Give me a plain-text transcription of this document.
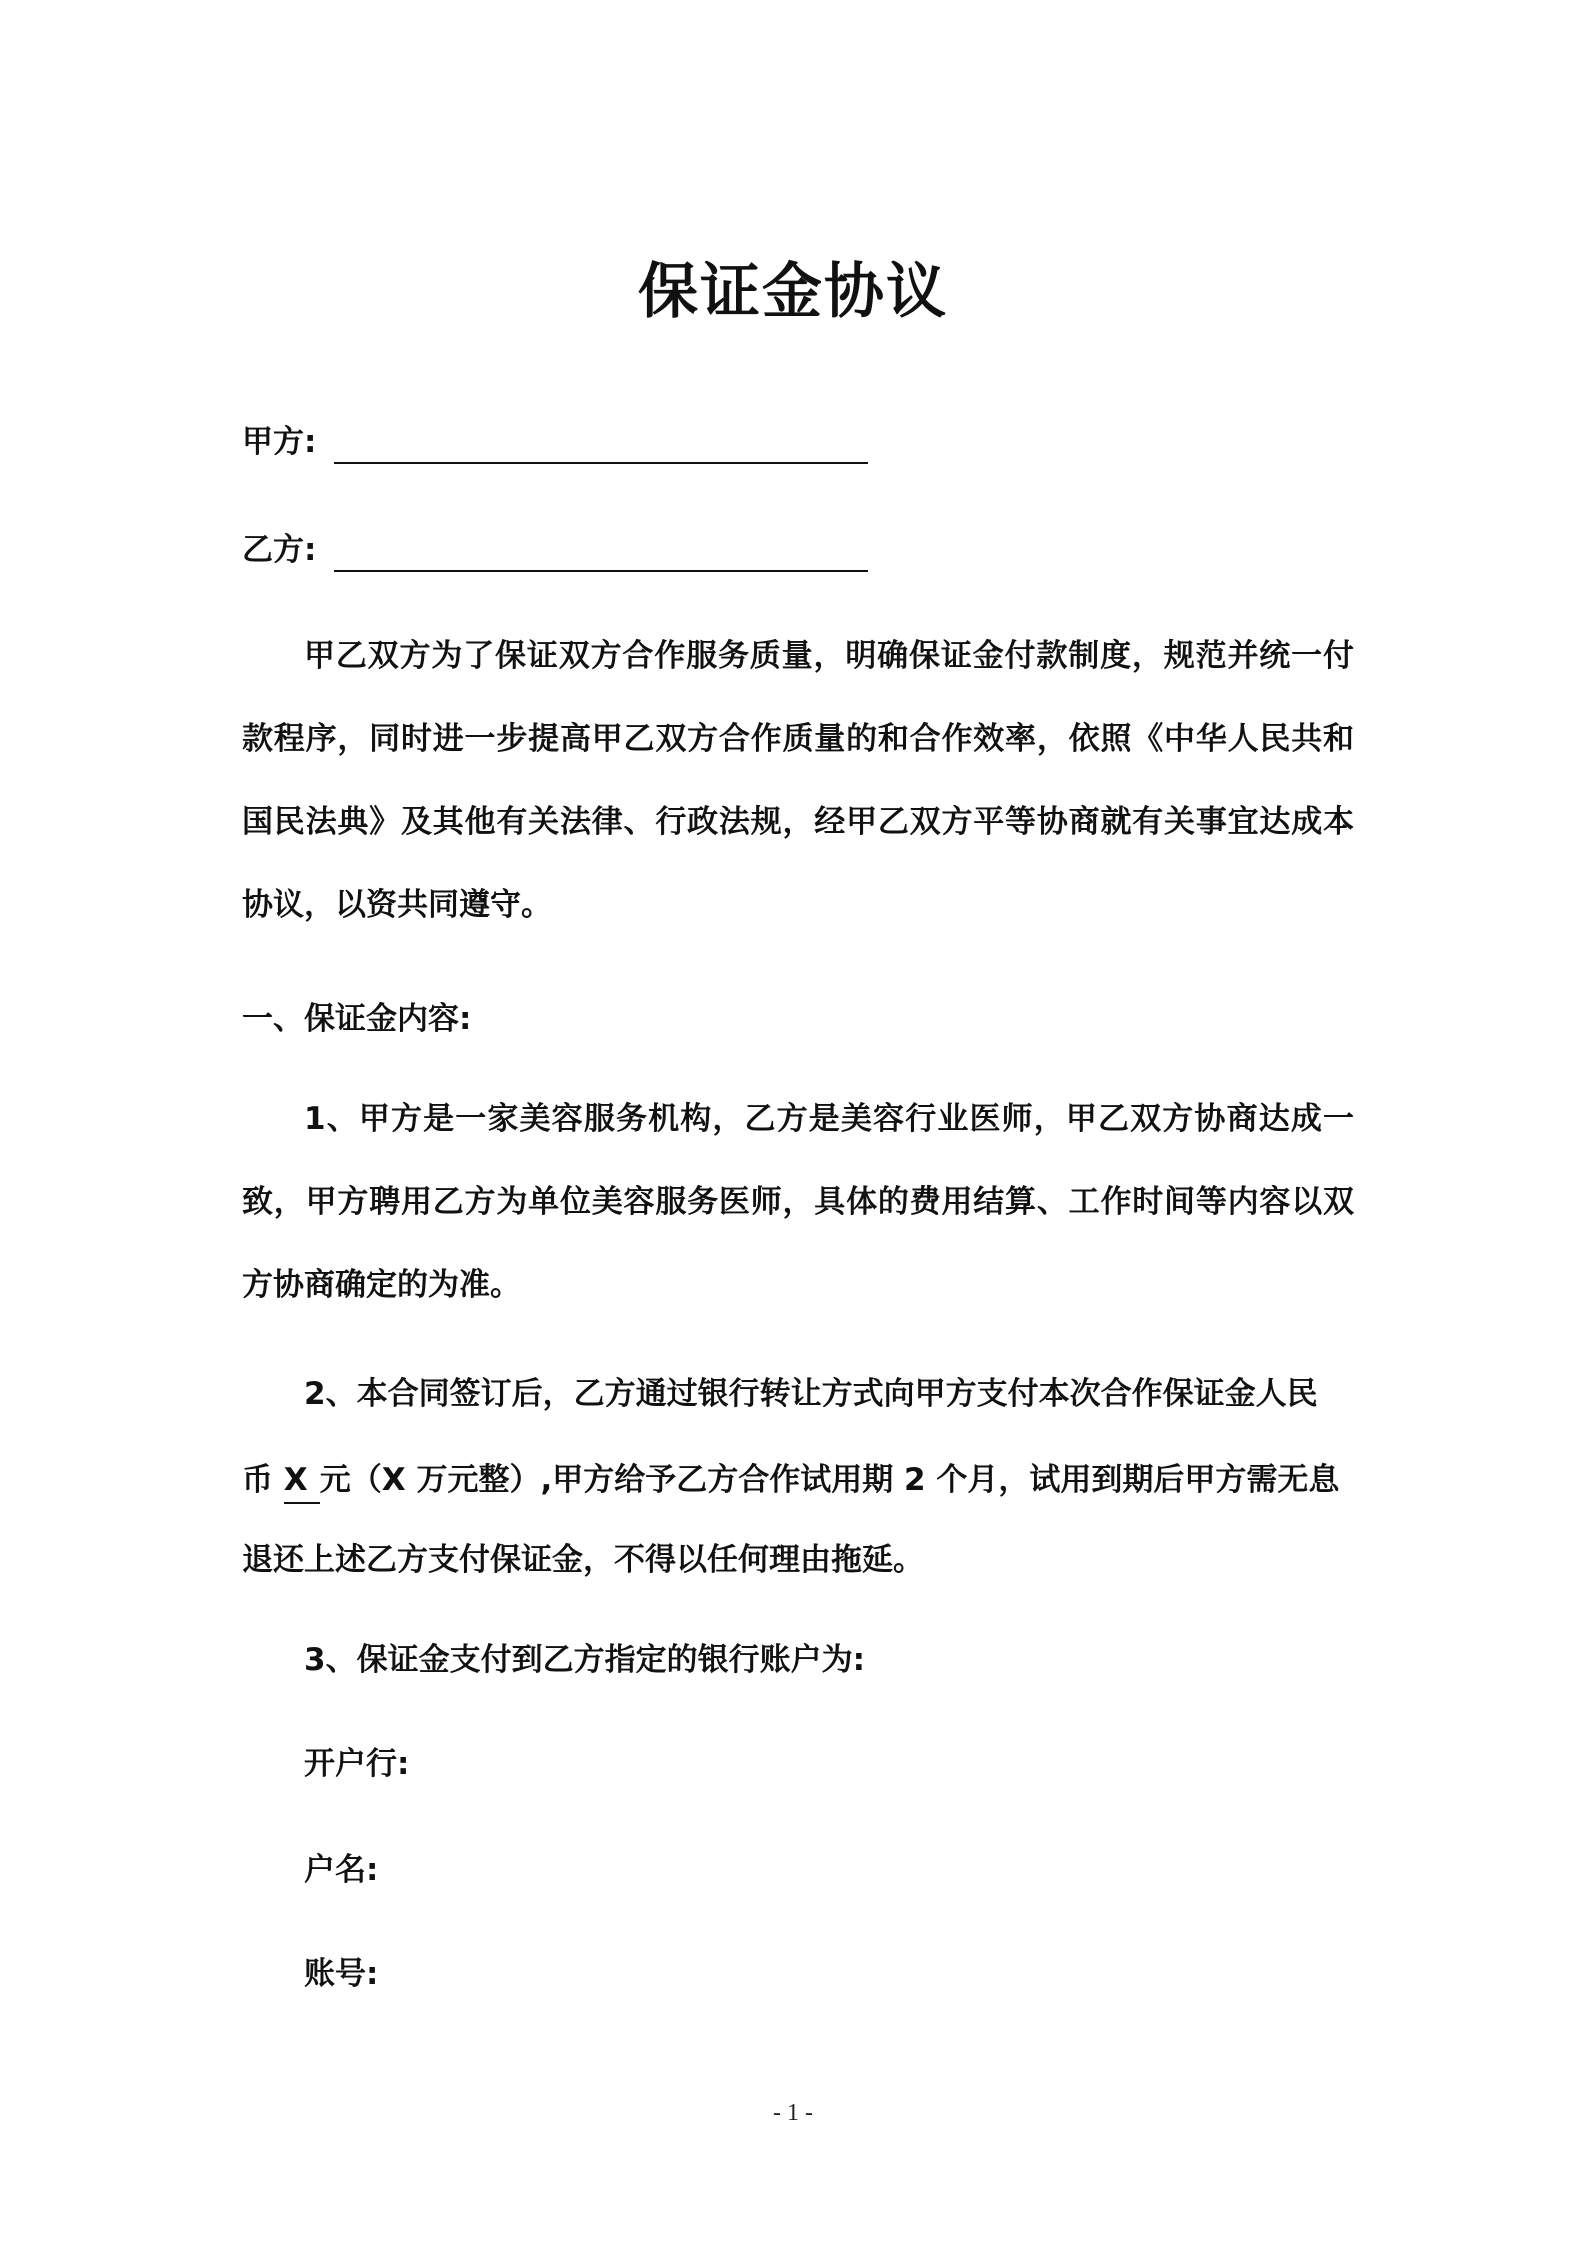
保证金协议
甲方:
乙方:

甲乙双方为了保证双方合作服务质量，明确保证金付款制度，规范并统一付款程序，同时进一步提高甲乙双方合作质量的和合作效率，依照《中华人民共和国民法典》及其他有关法律、行政法规，经甲乙双方平等协商就有关事宜达成本协议，以资共同遵守。

一、保证金内容:

1、甲方是一家美容服务机构，乙方是美容行业医师，甲乙双方协商达成一致，甲方聘用乙方为单位美容服务医师，具体的费用结算、工作时间等内容以双方协商确定的为准。

2、本合同签订后，乙方通过银行转让方式向甲方支付本次合作保证金人民
币 X 元（X 万元整）,甲方给予乙方合作试用期 2 个月，试用到期后甲方需无息
退还上述乙方支付保证金，不得以任何理由拖延。
3、保证金支付到乙方指定的银行账户为:
开户行:
户名:
账号:
- 1 -
